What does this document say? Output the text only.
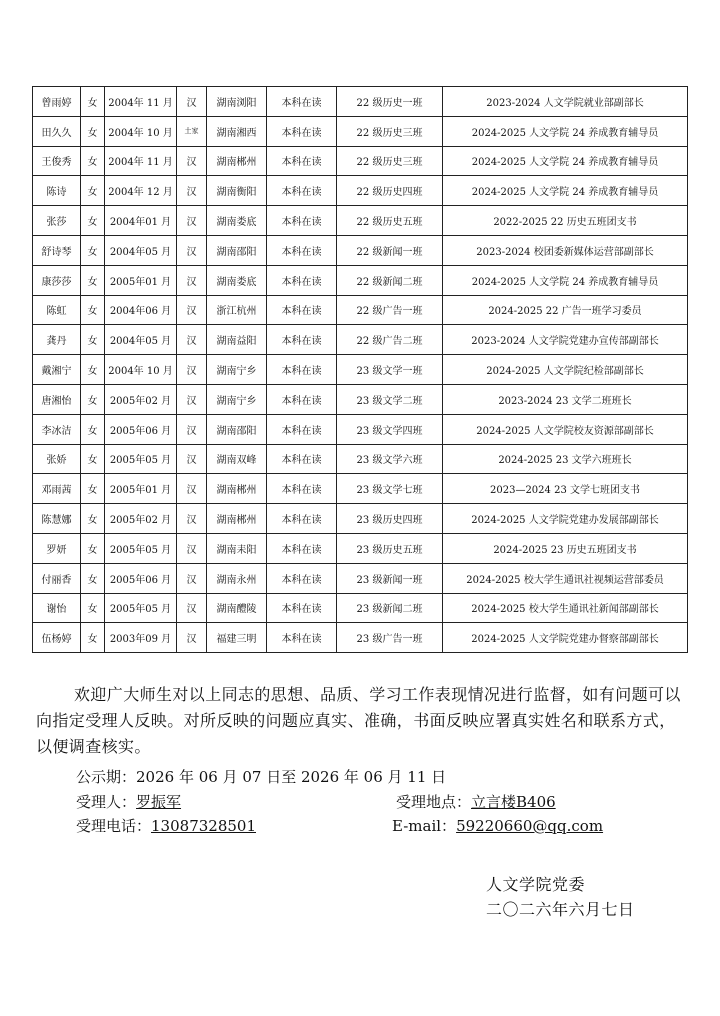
曾雨婷	女	2004年 11 月	汉	湖南浏阳	本科在读	22 级历史一班	2023-2024 人文学院就业部副部长
田久久	女	2004年 10 月	土家	湖南湘西	本科在读	22 级历史三班	2024-2025 人文学院 24 养成教育辅导员
王俊秀	女	2004年 11 月	汉	湖南郴州	本科在读	22 级历史三班	2024-2025 人文学院 24 养成教育辅导员
陈诗	女	2004年 12 月	汉	湖南衡阳	本科在读	22 级历史四班	2024-2025 人文学院 24 养成教育辅导员
张莎	女	2004年01 月	汉	湖南娄底	本科在读	22 级历史五班	2022-2025 22 历史五班团支书
舒诗琴	女	2004年05 月	汉	湖南邵阳	本科在读	22 级新闻一班	2023-2024 校团委新媒体运营部副部长
康莎莎	女	2005年01 月	汉	湖南娄底	本科在读	22 级新闻二班	2024-2025 人文学院 24 养成教育辅导员
陈虹	女	2004年06 月	汉	浙江杭州	本科在读	22 级广告一班	2024-2025 22 广告一班学习委员
龚丹	女	2004年05 月	汉	湖南益阳	本科在读	22 级广告二班	2023-2024 人文学院党建办宣传部副部长
戴湘宁	女	2004年 10 月	汉	湖南宁乡	本科在读	23 级文学一班	2024-2025 人文学院纪检部副部长
唐湘怡	女	2005年02 月	汉	湖南宁乡	本科在读	23 级文学二班	2023-2024 23 文学二班班长
李冰洁	女	2005年06 月	汉	湖南邵阳	本科在读	23 级文学四班	2024-2025 人文学院校友资源部副部长
张娇	女	2005年05 月	汉	湖南双峰	本科在读	23 级文学六班	2024-2025 23 文学六班班长
邓雨茜	女	2005年01 月	汉	湖南郴州	本科在读	23 级文学七班	2023—2024 23 文学七班团支书
陈慧娜	女	2005年02 月	汉	湖南郴州	本科在读	23 级历史四班	2024-2025 人文学院党建办发展部副部长
罗妍	女	2005年05 月	汉	湖南耒阳	本科在读	23 级历史五班	2024-2025 23 历史五班团支书
付丽香	女	2005年06 月	汉	湖南永州	本科在读	23 级新闻一班	2024-2025 校大学生通讯社视频运营部委员
谢怡	女	2005年05 月	汉	湖南醴陵	本科在读	23 级新闻二班	2024-2025 校大学生通讯社新闻部副部长
伍杨婷	女	2003年09 月	汉	福建三明	本科在读	23 级广告一班	2024-2025 人文学院党建办督察部副部长
欢迎广大师生对以上同志的思想、品质、学习工作表现情况进行监督，如有问题可以向指定受理人反映。对所反映的问题应真实、准确，书面反映应署真实姓名和联系方式，以便调查核实。
公示期：2026 年 06 月 07 日至 2026 年 06 月 11 日
受理人：罗振军	受理地点：立言楼B406
受理电话：13087328501	E-mail：59220660@qq.com
人文学院党委
二〇二六年六月七日
